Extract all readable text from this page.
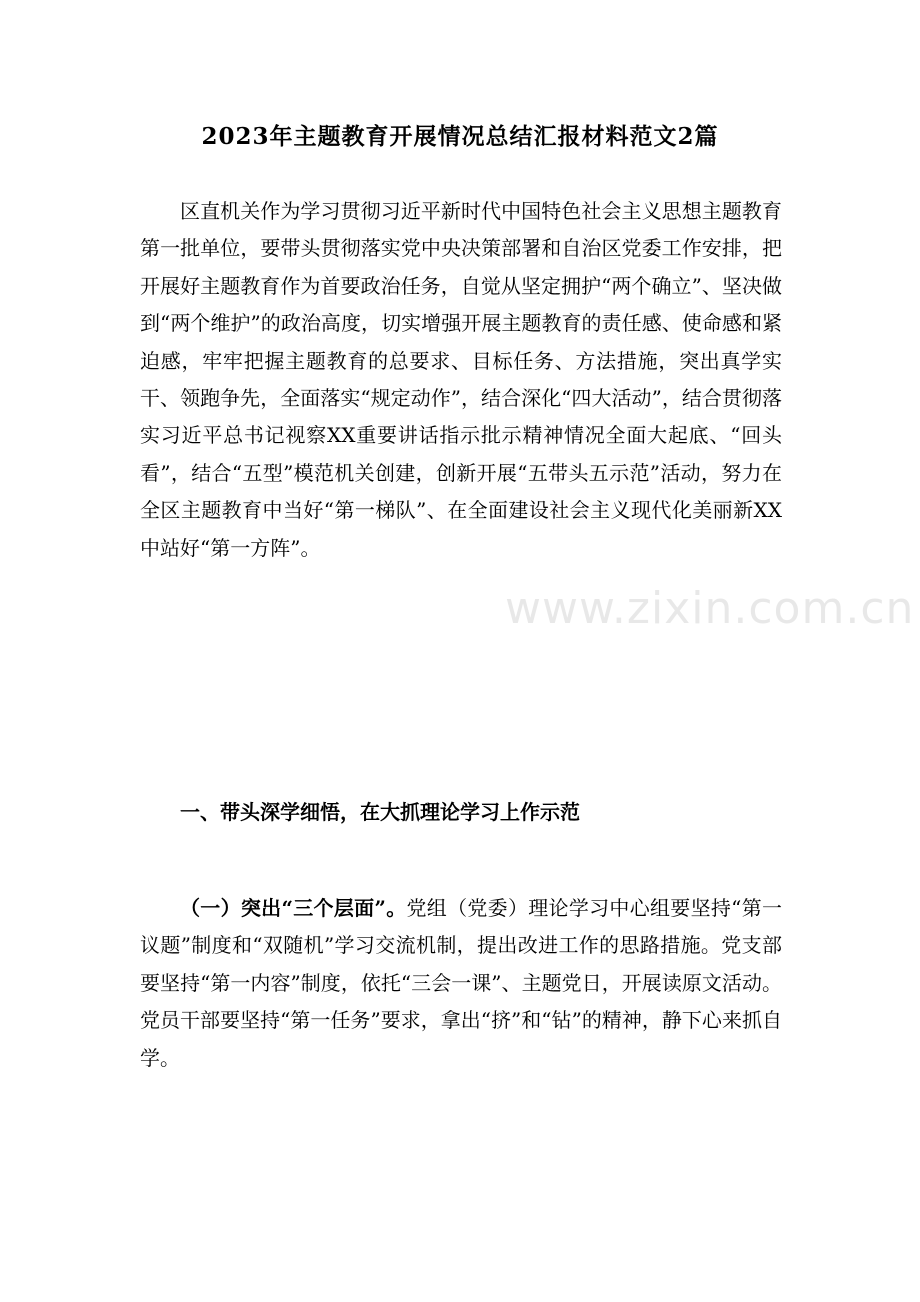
2023年主题教育开展情况总结汇报材料范文2篇

区直机关作为学习贯彻习近平新时代中国特色社会主义思想主题教育第一批单位，要带头贯彻落实党中央决策部署和自治区党委工作安排，把开展好主题教育作为首要政治任务，自觉从坚定拥护“两个确立”、坚决做到“两个维护”的政治高度，切实增强开展主题教育的责任感、使命感和紧迫感，牢牢把握主题教育的总要求、目标任务、方法措施，突出真学实干、领跑争先，全面落实“规定动作”，结合深化“四大活动”，结合贯彻落实习近平总书记视察XX重要讲话指示批示精神情况全面大起底、“回头看”，结合“五型”模范机关创建，创新开展“五带头五示范”活动，努力在全区主题教育中当好“第一梯队”、在全面建设社会主义现代化美丽新XX中站好“第一方阵”。

一、带头深学细悟，在大抓理论学习上作示范

（一）突出“三个层面”。党组（党委）理论学习中心组要坚持“第一议题”制度和“双随机”学习交流机制，提出改进工作的思路措施。党支部要坚持“第一内容”制度，依托“三会一课”、主题党日，开展读原文活动。党员干部要坚持“第一任务”要求，拿出“挤”和“钻”的精神，静下心来抓自学。

www.zixin.com.cn
